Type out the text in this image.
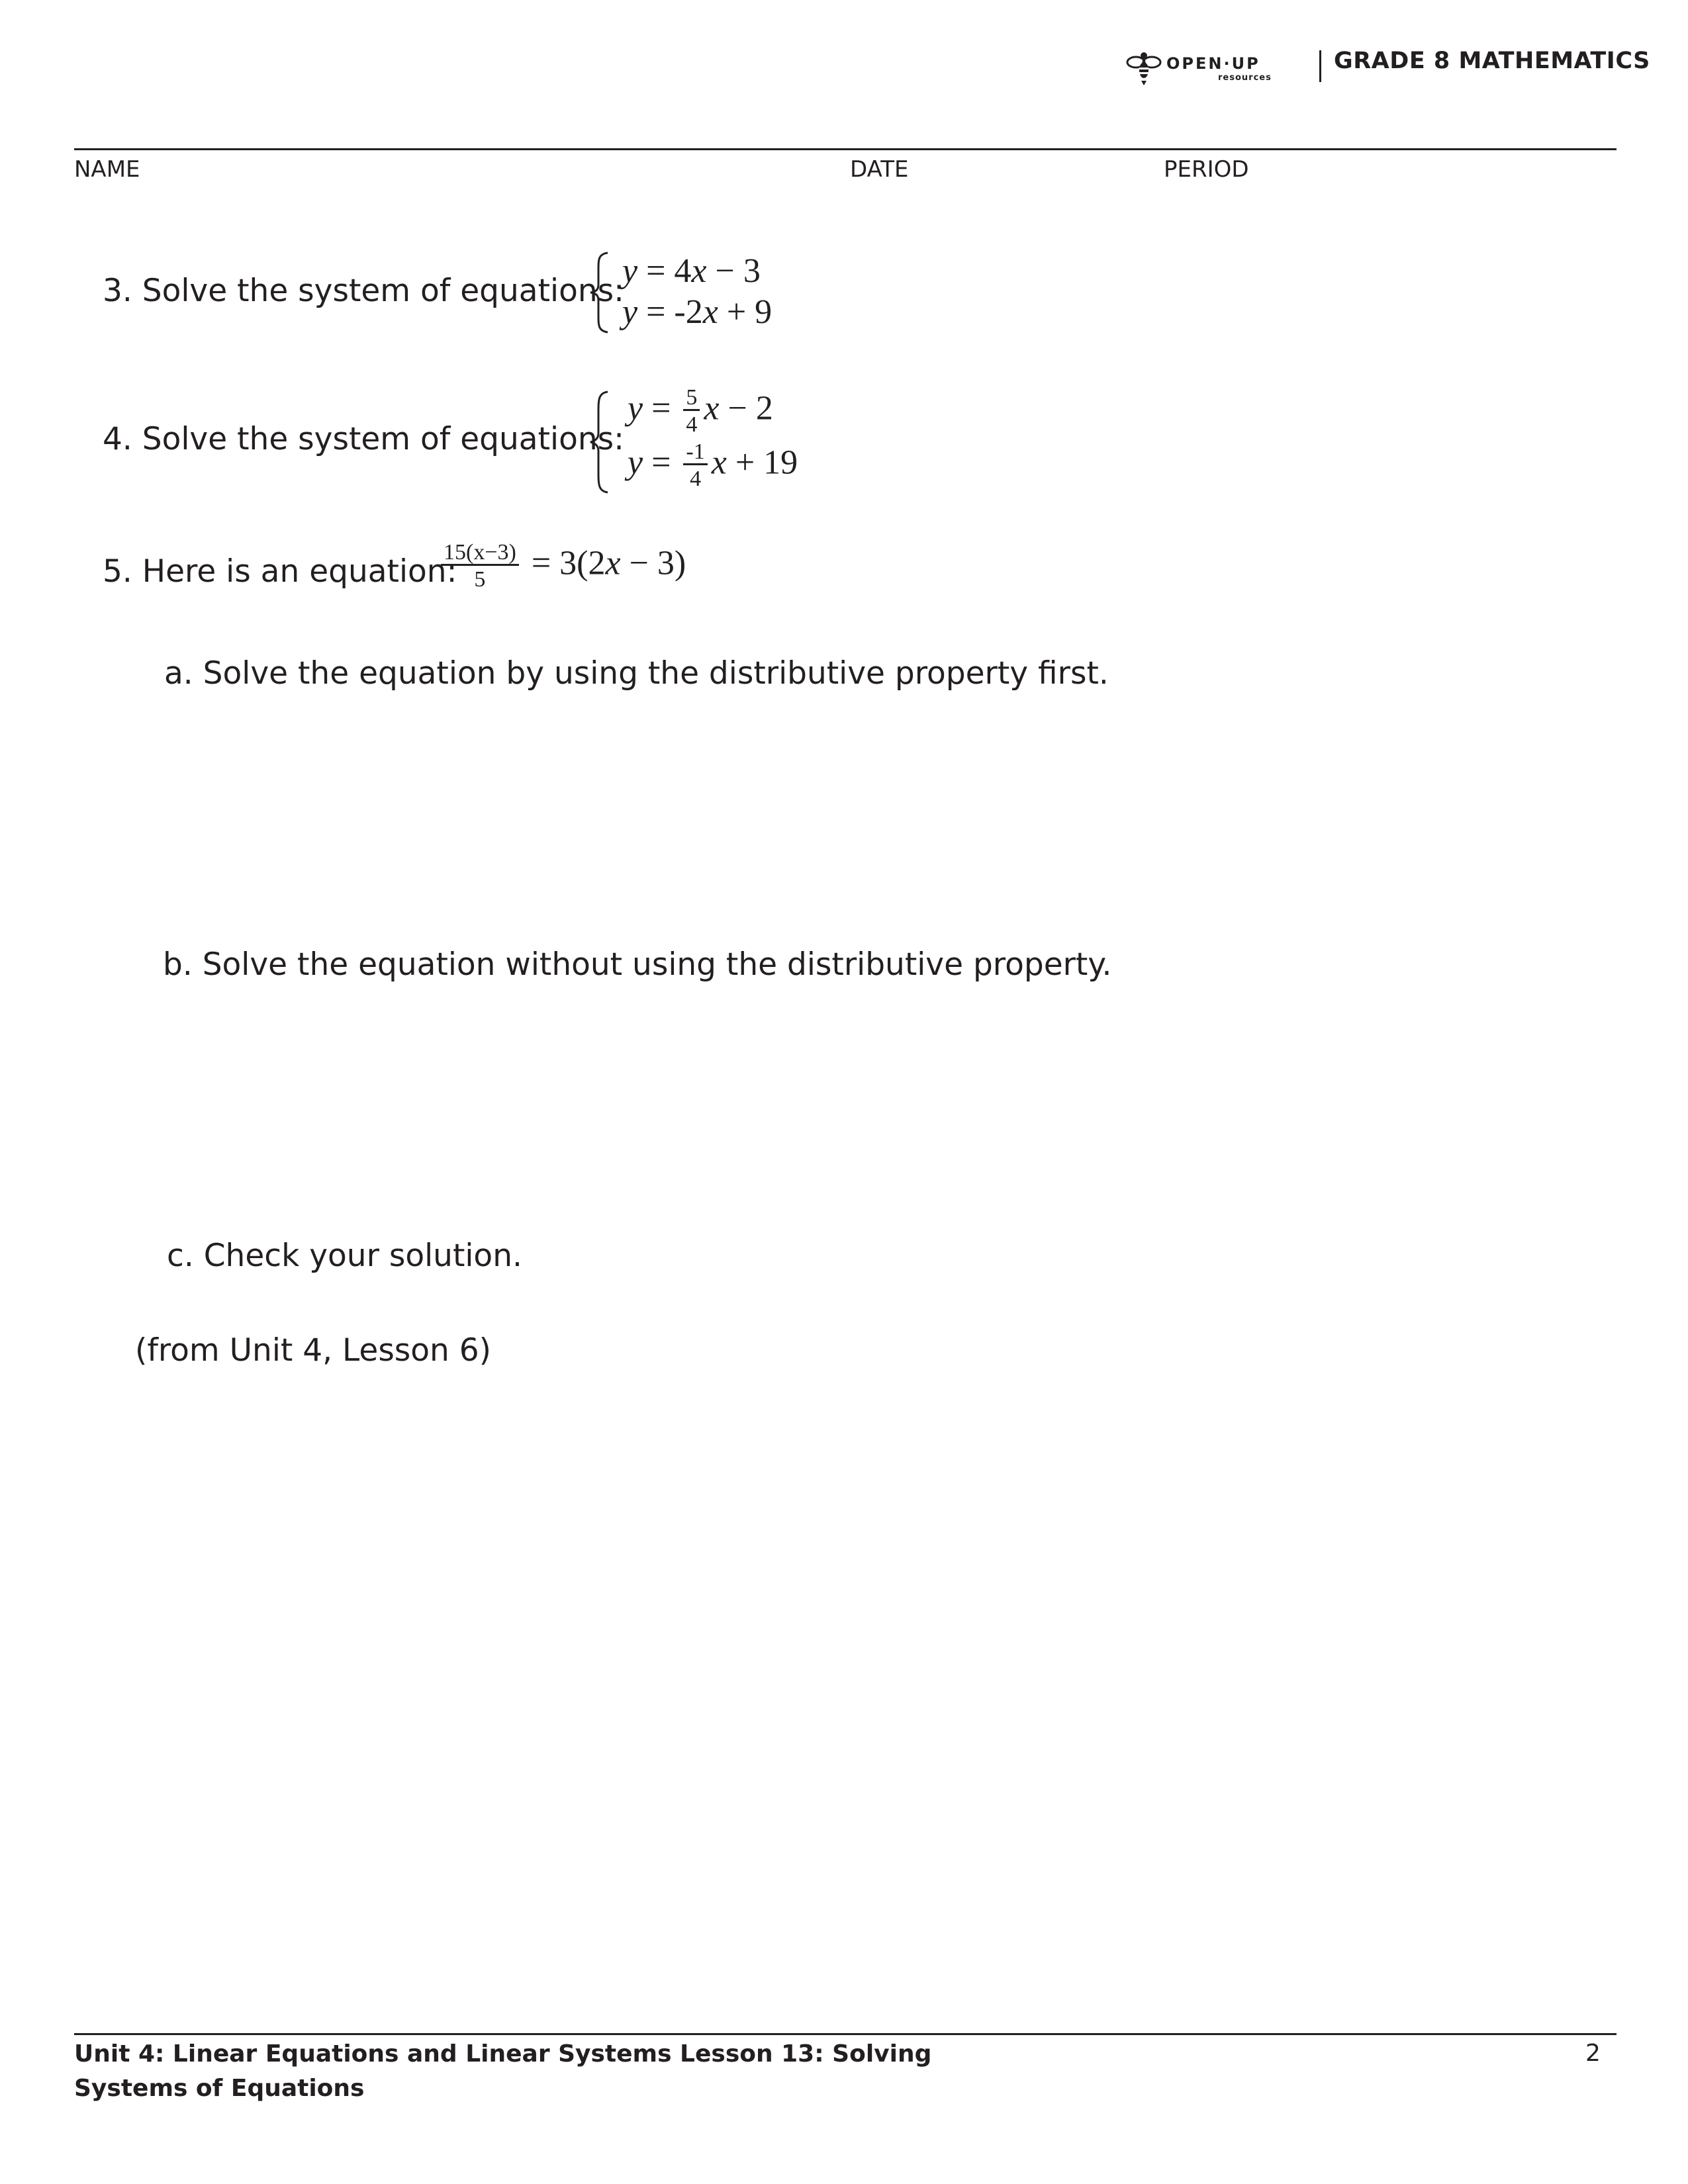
OPEN·UP
resources
GRADE 8 MATHEMATICS
NAME	DATE	PERIOD
3. Solve the system of equations:
y = 4x − 3
y = -2x + 9
4. Solve the system of equations:
$y = \frac{5}{4}$ x − 2
$y = \frac{-1}{4}$ x + 19
5. Here is an equation:
$\frac{15(x-3)}{5} = 3(2x - 3)$
a. Solve the equation by using the distributive property first.
b. Solve the equation without using the distributive property.
c. Check your solution.
(from Unit 4, Lesson 6)
Unit 4: Linear Equations and Linear Systems Lesson 13: Solving Systems of Equations
2
